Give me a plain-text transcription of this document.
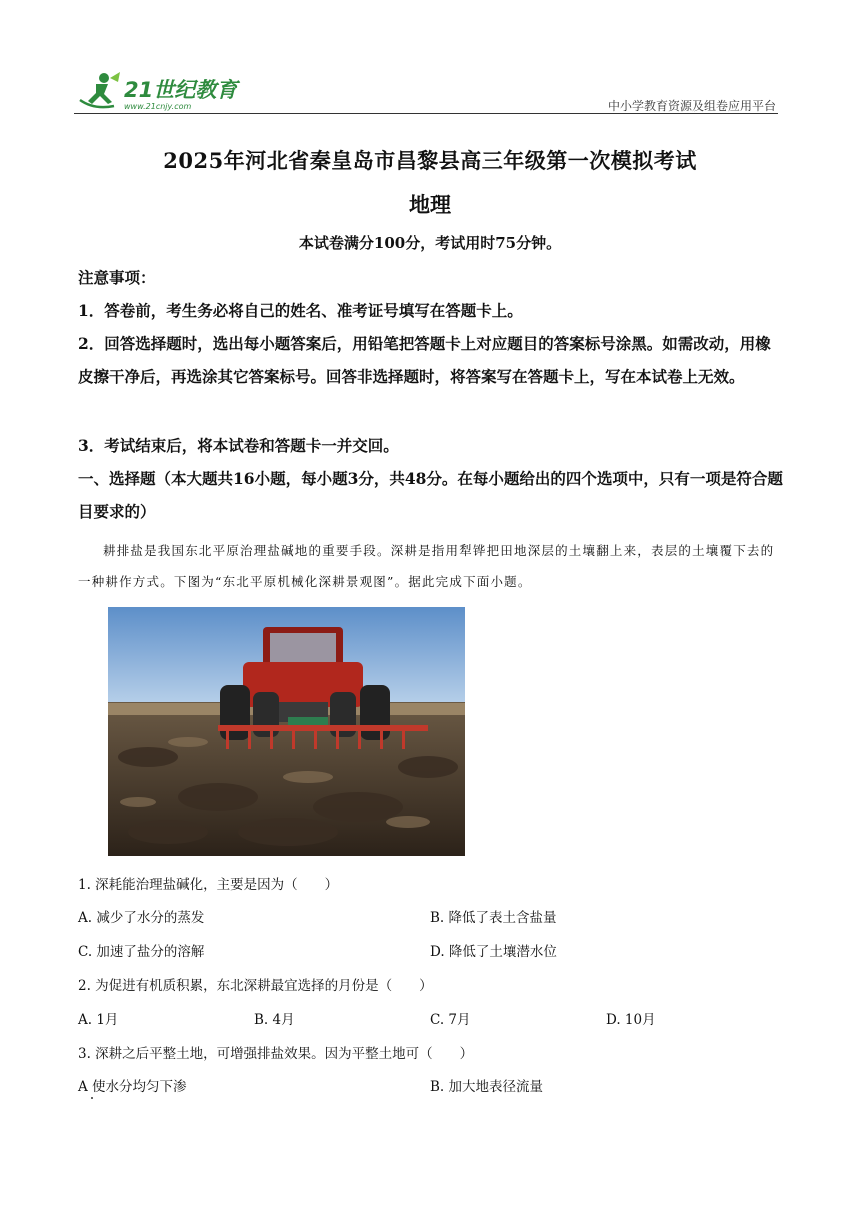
21世纪教育
www.21cnjy.com	中小学教育资源及组卷应用平台
2025年河北省秦皇岛市昌黎县高三年级第一次模拟考试
地理
本试卷满分100分，考试用时75分钟。
注意事项：
1．答卷前，考生务必将自己的姓名、准考证号填写在答题卡上。
2．回答选择题时，选出每小题答案后，用铅笔把答题卡上对应题目的答案标号涂黑。如需改动，用橡皮擦干净后，再选涂其它答案标号。回答非选择题时，将答案写在答题卡上，写在本试卷上无效。
3．考试结束后，将本试卷和答题卡一并交回。
一、选择题（本大题共16小题，每小题3分，共48分。在每小题给出的四个选项中，只有一项是符合题目要求的）
耕排盐是我国东北平原治理盐碱地的重要手段。深耕是指用犁铧把田地深层的土壤翻上来，表层的土壤覆下去的一种耕作方式。下图为“东北平原机械化深耕景观图”。据此完成下面小题。
1. 深耗能治理盐碱化，主要是因为（　　）
A. 减少了水分的蒸发	B. 降低了表土含盐量
C. 加速了盐分的溶解	D. 降低了土壤潜水位
2. 为促进有机质积累，东北深耕最宜选择的月份是（　　）
A. 1月	B. 4月	C. 7月	D. 10月
3. 深耕之后平整土地，可增强排盐效果。因为平整土地可（　　）
A 使水分均匀下渗	B. 加大地表径流量
